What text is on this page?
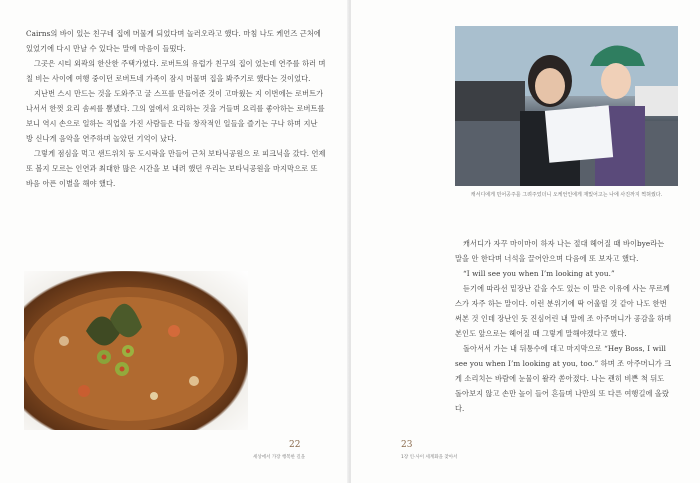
Cairns의 바이 있는 친구네 집에 머물게 되었다며 놀러오라고 했다. 마침 나도 케언즈 근처에 있었기에 다시 만날 수 있다는 말에 마음이 들떴다.

그곳은 시티 외곽의 한산한 주택가였다. 로버트의 유럽가 친구의 집이 었는데 연주를 하러 며칠 비는 사이에 여행 중이던 로버트네 가족이 잠시 머물며 집을 봐주기로 했다는 것이었다.

지난번 스시 만드는 것을 도와주고 굴 스프를 만들어준 것이 고마웠는 지 이번에는 로버트가 나서서 한껏 요리 솜씨를 뽐냈다. 그의 옆에서 요리하는 것을 거들며 요리를 좋아하는 로버트를 보니 역시 손으로 일하는 직업을 가진 사람들은 다들 창작적인 일들을 즐기는 구나 하며 지난 방 신나게 음악을 연주하며 놀았던 기억이 났다.

그렇게 점심을 먹고 샌드위치 등 도시락을 만들어 근처 보타닉공원으 로 피크닉을 갔다. 언제 또 볼지 모르는 인연과 최대한 많은 시간을 보 내려 했던 우리는 보타닉공원을 마지막으로 또 바음 아픈 이별을 해야 했다.

22
세상에서 가장 행복한 길을
캐서디에게 민어공주를 그려주었더니 오케언인에게 재밌어고는 나에 사진까지 찍혀줬다.

캐서디가 자꾸 마이마이 하자 나는 절대 헤어질 때 바이bye라는 말을 안 한다며 너석을 끌어안으며 다음에 또 보자고 했다.

“I will see you when I’m looking at you.”

듣기에 따라선 밑장난 같을 수도 있는 이 말은 이유에 사는 무르께스가 자주 하는 말이다. 이런 분위기에 딱 어울릴 것 같아 나도 한번 써본 것 인데 장난인 듯 진심어린 내 말에 조 아주머니가 공감을 하며 본인도 앞으로는 헤어질 때 그렇게 말해야겠다고 했다.

돌아서서 가는 내 뒤통수에 대고 마지막으로 “Hey Boss, I will see you when I’m looking at you, too.” 하며 조 아주머니가 크게 소리치는 바람에 눈물이 왈칵 쏟아졌다. 나는 괜히 비쁜 척 뒤도 돌아보지 않고 손만 높이 들어 흔들며 나만의 또 다른 여행길에 올랐다.

23
1장 인·사이 세계화을 찾아서
